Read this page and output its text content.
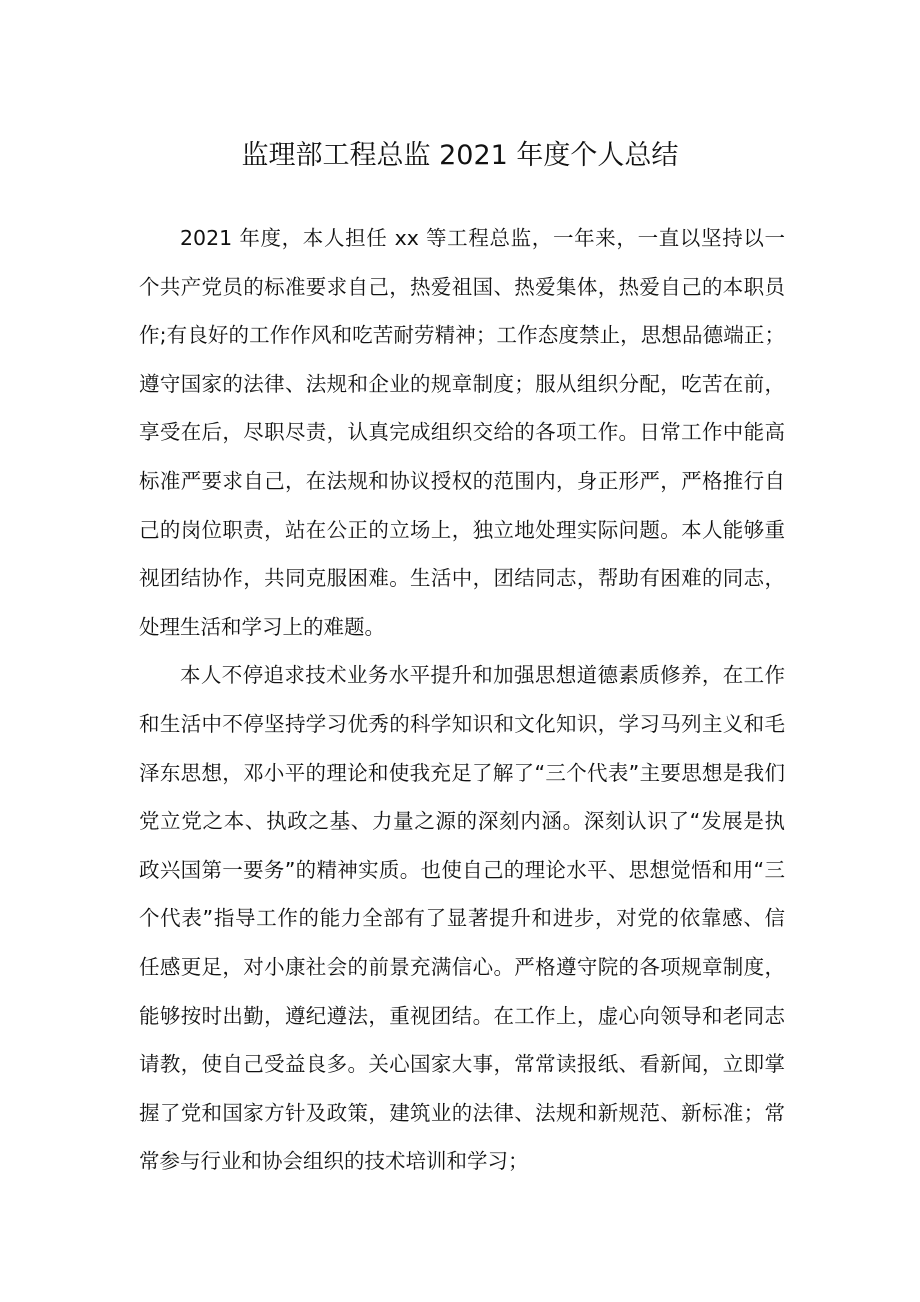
监理部工程总监 2021 年度个人总结

2021 年度，本人担任 xx 等工程总监，一年来，一直以坚持以一个共产党员的标准要求自己，热爱祖国、热爱集体，热爱自己的本职员作;有良好的工作作风和吃苦耐劳精神；工作态度禁止，思想品德端正；遵守国家的法律、法规和企业的规章制度；服从组织分配，吃苦在前，享受在后，尽职尽责，认真完成组织交给的各项工作。日常工作中能高标准严要求自己，在法规和协议授权的范围内，身正形严，严格推行自己的岗位职责，站在公正的立场上，独立地处理实际问题。本人能够重视团结协作，共同克服困难。生活中，团结同志，帮助有困难的同志，处理生活和学习上的难题。

本人不停追求技术业务水平提升和加强思想道德素质修养，在工作和生活中不停坚持学习优秀的科学知识和文化知识，学习马列主义和毛泽东思想，邓小平的理论和使我充足了解了“三个代表”主要思想是我们党立党之本、执政之基、力量之源的深刻内涵。深刻认识了“发展是执政兴国第一要务”的精神实质。也使自己的理论水平、思想觉悟和用“三个代表”指导工作的能力全部有了显著提升和进步，对党的依靠感、信任感更足，对小康社会的前景充满信心。严格遵守院的各项规章制度，能够按时出勤，遵纪遵法，重视团结。在工作上，虚心向领导和老同志请教，使自己受益良多。关心国家大事，常常读报纸、看新闻，立即掌握了党和国家方针及政策，建筑业的法律、法规和新规范、新标准；常常参与行业和协会组织的技术培训和学习；
